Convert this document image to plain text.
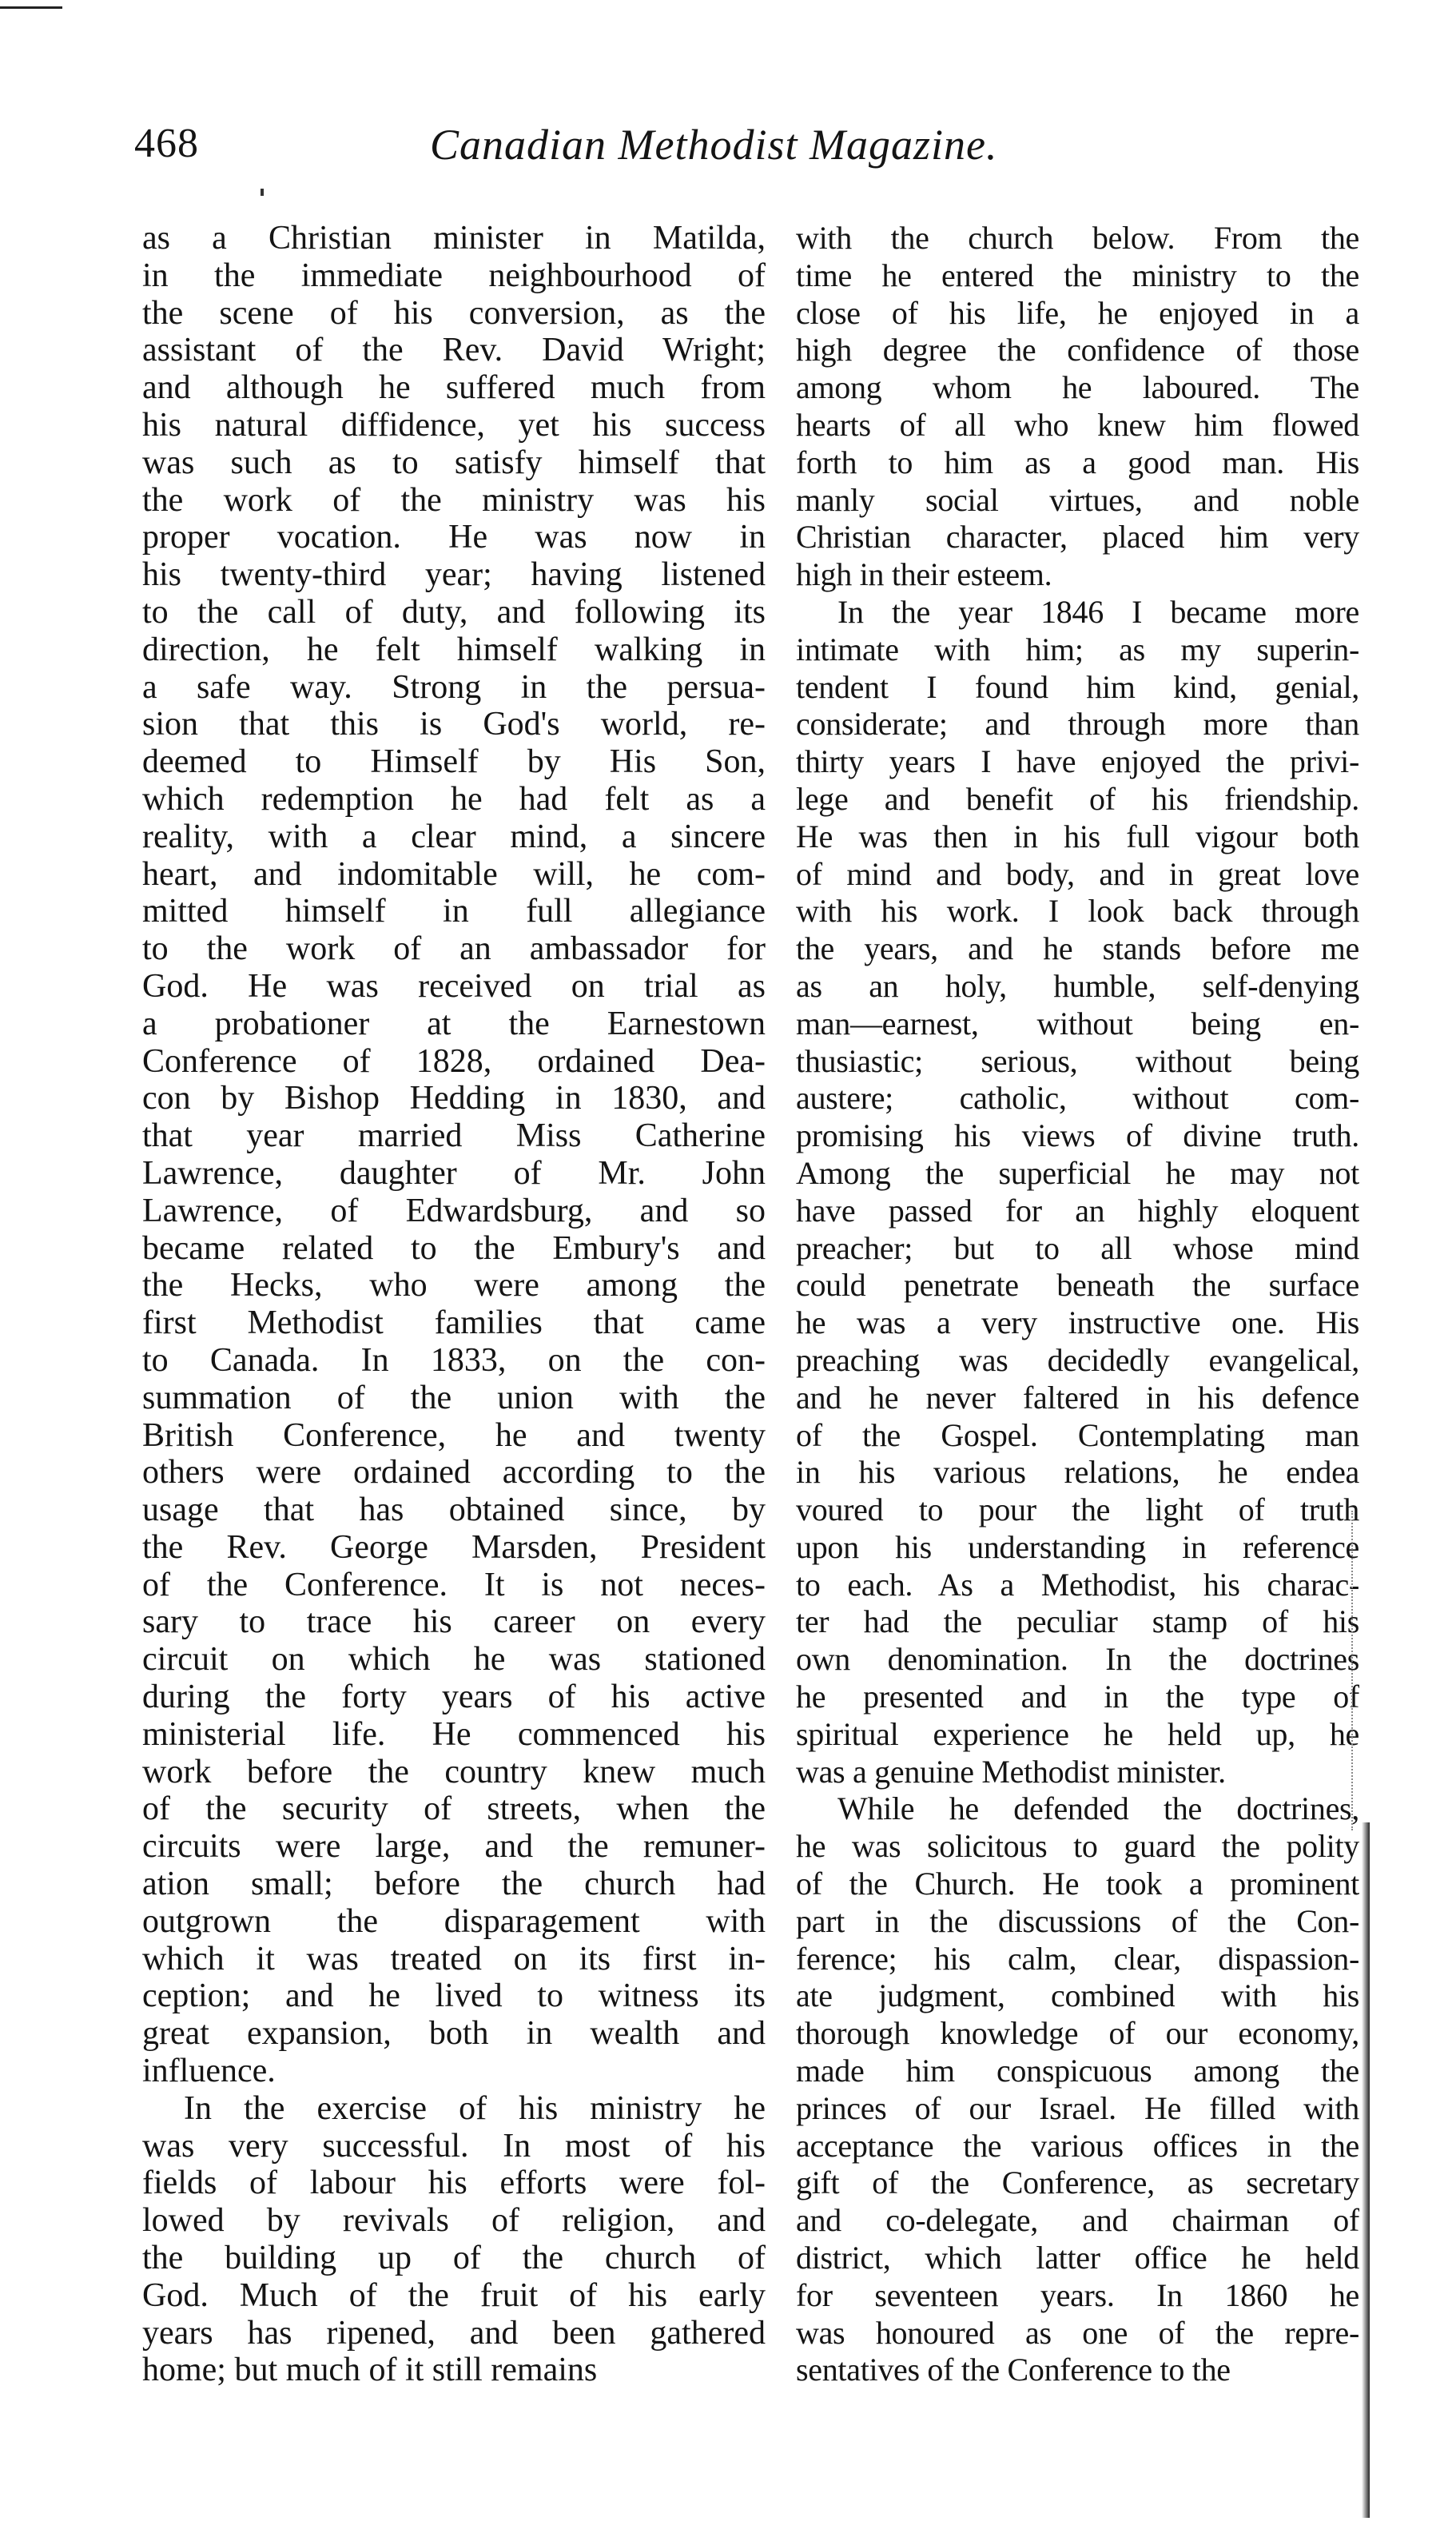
468	Canadian Methodist Magazine.
as a Christian minister in Matilda,
in the immediate neighbourhood of
the scene of his conversion, as the
assistant of the Rev. David Wright;
and although he suffered much from
his natural diffidence, yet his success
was such as to satisfy himself that
the work of the ministry was his
proper vocation. He was now in
his twenty-third year; having listened
to the call of duty, and following its
direction, he felt himself walking in
a safe way. Strong in the persua-
sion that this is God's world, re-
deemed to Himself by His Son,
which redemption he had felt as a
reality, with a clear mind, a sincere
heart, and indomitable will, he com-
mitted himself in full allegiance
to the work of an ambassador for
God. He was received on trial as
a probationer at the Earnestown
Conference of 1828, ordained Dea-
con by Bishop Hedding in 1830, and
that year married Miss Catherine
Lawrence, daughter of Mr. John
Lawrence, of Edwardsburg, and so
became related to the Embury's and
the Hecks, who were among the
first Methodist families that came
to Canada. In 1833, on the con-
summation of the union with the
British Conference, he and twenty
others were ordained according to the
usage that has obtained since, by
the Rev. George Marsden, President
of the Conference. It is not neces-
sary to trace his career on every
circuit on which he was stationed
during the forty years of his active
ministerial life. He commenced his
work before the country knew much
of the security of streets, when the
circuits were large, and the remuner-
ation small; before the church had
outgrown the disparagement with
which it was treated on its first in-
ception; and he lived to witness its
great expansion, both in wealth and
influence.
In the exercise of his ministry he
was very successful. In most of his
fields of labour his efforts were fol-
lowed by revivals of religion, and
the building up of the church of
God. Much of the fruit of his early
years has ripened, and been gathered
home; but much of it still remains
with the church below. From the
time he entered the ministry to the
close of his life, he enjoyed in a
high degree the confidence of those
among whom he laboured. The
hearts of all who knew him flowed
forth to him as a good man. His
manly social virtues, and noble
Christian character, placed him very
high in their esteem.
In the year 1846 I became more
intimate with him; as my superin-
tendent I found him kind, genial,
considerate; and through more than
thirty years I have enjoyed the privi-
lege and benefit of his friendship.
He was then in his full vigour both
of mind and body, and in great love
with his work. I look back through
the years, and he stands before me
as an holy, humble, self-denying
man—earnest, without being en-
thusiastic; serious, without being
austere; catholic, without com-
promising his views of divine truth.
Among the superficial he may not
have passed for an highly eloquent
preacher; but to all whose mind
could penetrate beneath the surface
he was a very instructive one. His
preaching was decidedly evangelical,
and he never faltered in his defence
of the Gospel. Contemplating man
in his various relations, he endea
voured to pour the light of truth
upon his understanding in reference
to each. As a Methodist, his charac-
ter had the peculiar stamp of his
own denomination. In the doctrines
he presented and in the type of
spiritual experience he held up, he
was a genuine Methodist minister.
While he defended the doctrines,
he was solicitous to guard the polity
of the Church. He took a prominent
part in the discussions of the Con-
ference; his calm, clear, dispassion-
ate judgment, combined with his
thorough knowledge of our economy,
made him conspicuous among the
princes of our Israel. He filled with
acceptance the various offices in the
gift of the Conference, as secretary
and co-delegate, and chairman of
district, which latter office he held
for seventeen years. In 1860 he
was honoured as one of the repre-
sentatives of the Conference to the
